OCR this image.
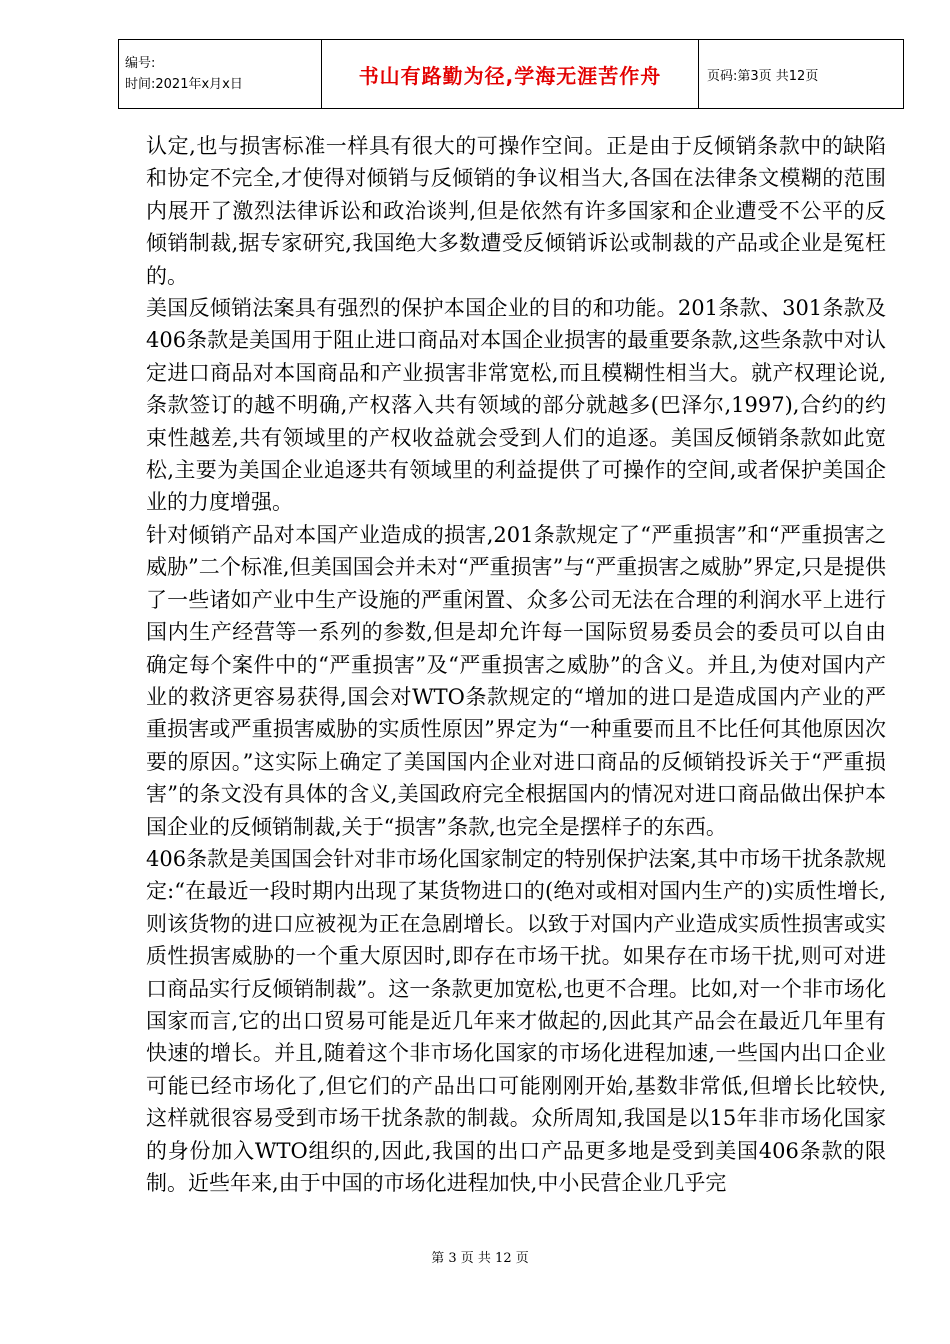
编号:
时间:2021年x月x日	书山有路勤为径,学海无涯苦作舟	页码:第3页 共12页

认定,也与损害标准一样具有很大的可操作空间。正是由于反倾销条款中的缺陷和协定不完全,才使得对倾销与反倾销的争议相当大,各国在法律条文模糊的范围内展开了激烈法律诉讼和政治谈判,但是依然有许多国家和企业遭受不公平的反倾销制裁,据专家研究,我国绝大多数遭受反倾销诉讼或制裁的产品或企业是冤枉的。

美国反倾销法案具有强烈的保护本国企业的目的和功能。201条款、301条款及406条款是美国用于阻止进口商品对本国企业损害的最重要条款,这些条款中对认定进口商品对本国商品和产业损害非常宽松,而且模糊性相当大。就产权理论说,条款签订的越不明确,产权落入共有领域的部分就越多(巴泽尔,1997),合约的约束性越差,共有领域里的产权收益就会受到人们的追逐。美国反倾销条款如此宽松,主要为美国企业追逐共有领域里的利益提供了可操作的空间,或者保护美国企业的力度增强。

针对倾销产品对本国产业造成的损害,201条款规定了“严重损害”和“严重损害之威胁”二个标准,但美国国会并未对“严重损害”与“严重损害之威胁”界定,只是提供了一些诸如产业中生产设施的严重闲置、众多公司无法在合理的利润水平上进行国内生产经营等一系列的参数,但是却允许每一国际贸易委员会的委员可以自由确定每个案件中的“严重损害”及“严重损害之威胁”的含义。并且,为使对国内产业的救济更容易获得,国会对WTO条款规定的“增加的进口是造成国内产业的严重损害或严重损害威胁的实质性原因”界定为“一种重要而且不比任何其他原因次要的原因。”这实际上确定了美国国内企业对进口商品的反倾销投诉关于“严重损害”的条文没有具体的含义,美国政府完全根据国内的情况对进口商品做出保护本国企业的反倾销制裁,关于“损害”条款,也完全是摆样子的东西。

406条款是美国国会针对非市场化国家制定的特别保护法案,其中市场干扰条款规定:“在最近一段时期内出现了某货物进口的(绝对或相对国内生产的)实质性增长,则该货物的进口应被视为正在急剧增长。以致于对国内产业造成实质性损害或实质性损害威胁的一个重大原因时,即存在市场干扰。如果存在市场干扰,则可对进口商品实行反倾销制裁”。这一条款更加宽松,也更不合理。比如,对一个非市场化国家而言,它的出口贸易可能是近几年来才做起的,因此其产品会在最近几年里有快速的增长。并且,随着这个非市场化国家的市场化进程加速,一些国内出口企业可能已经市场化了,但它们的产品出口可能刚刚开始,基数非常低,但增长比较快,这样就很容易受到市场干扰条款的制裁。众所周知,我国是以15年非市场化国家的身份加入WTO组织的,因此,我国的出口产品更多地是受到美国406条款的限制。近些年来,由于中国的市场化进程加快,中小民营企业几乎完

第 3 页 共 12 页
